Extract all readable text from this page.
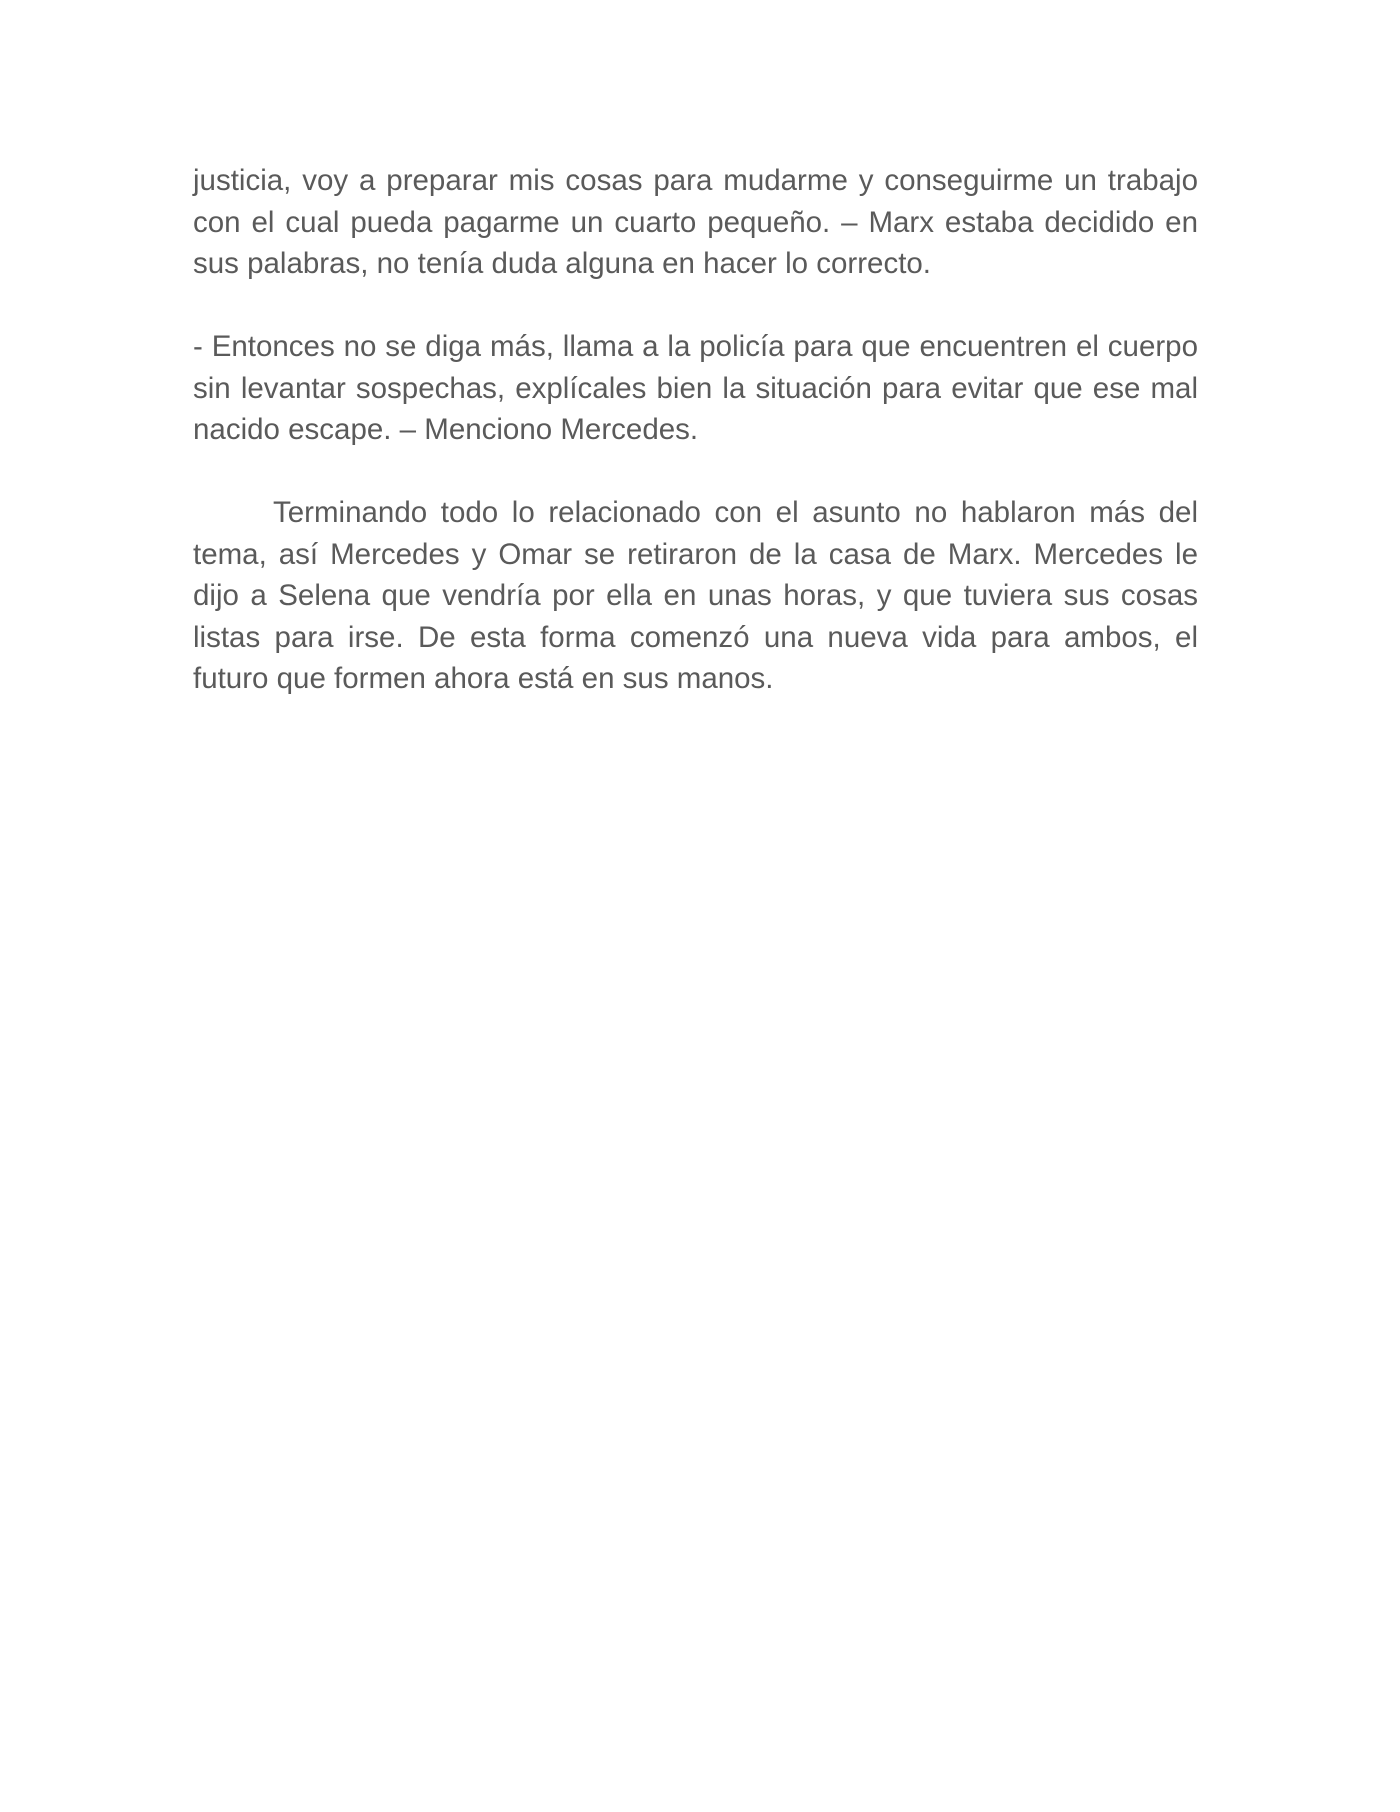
justicia, voy a preparar mis cosas para mudarme y conseguirme un trabajo con el cual pueda pagarme un cuarto pequeño. – Marx estaba decidido en sus palabras, no tenía duda alguna en hacer lo correcto.

- Entonces no se diga más, llama a la policía para que encuentren el cuerpo sin levantar sospechas, explícales bien la situación para evitar que ese mal nacido escape. – Menciono Mercedes.

Terminando todo lo relacionado con el asunto no hablaron más del tema, así Mercedes y Omar se retiraron de la casa de Marx. Mercedes le dijo a Selena que vendría por ella en unas horas, y que tuviera sus cosas listas para irse. De esta forma comenzó una nueva vida para ambos, el futuro que formen ahora está en sus manos.
